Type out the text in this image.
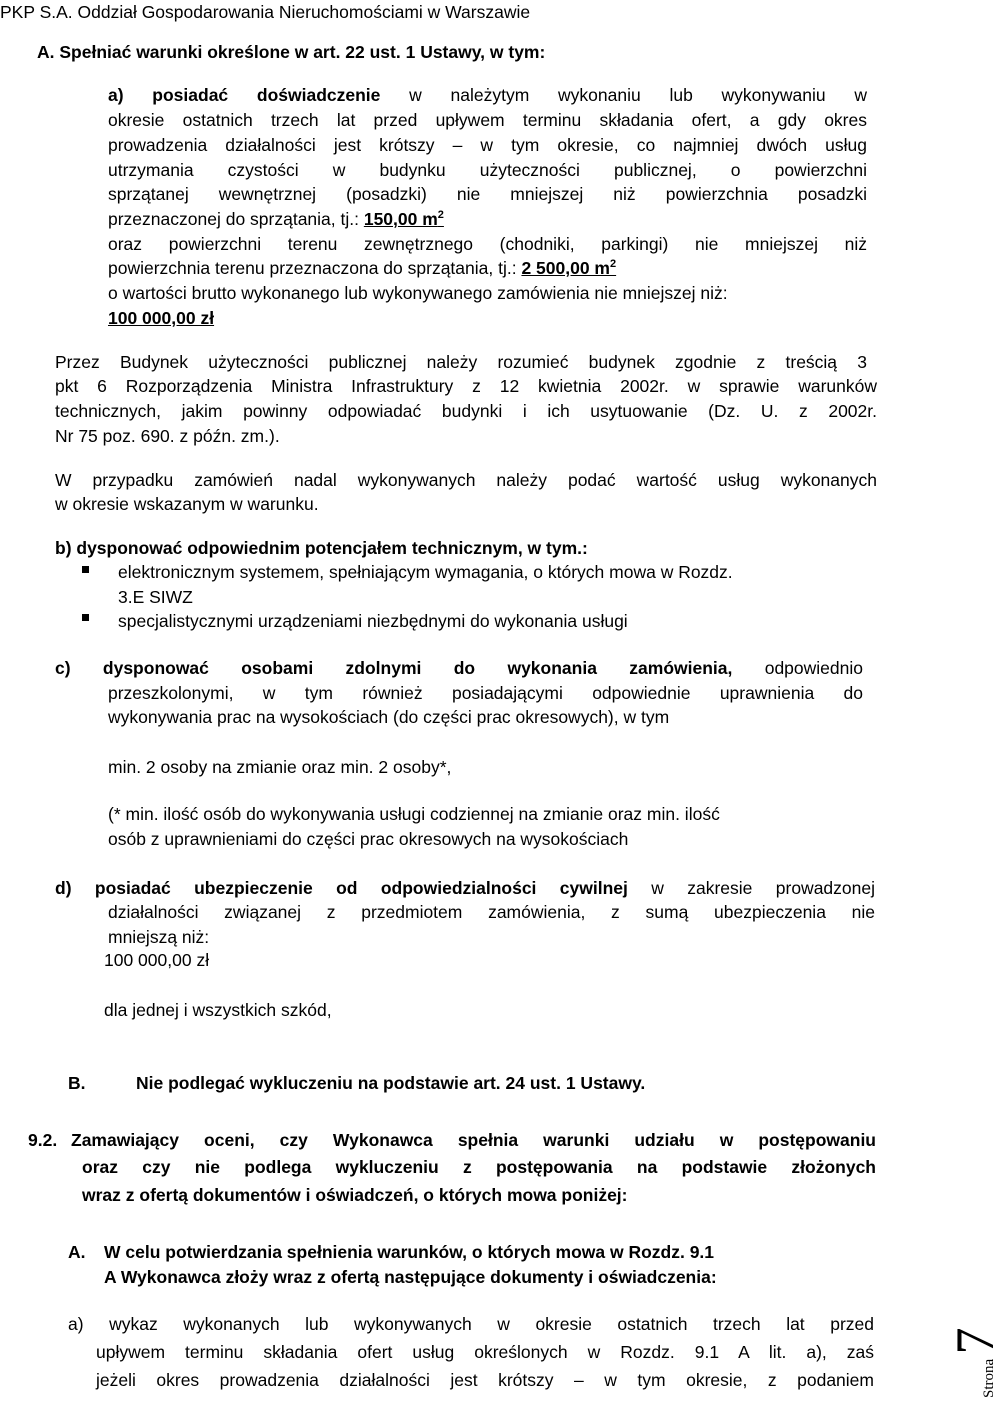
PKP S.A. Oddział Gospodarowania Nieruchomościami w Warszawie
A. Spełniać warunki określone w art. 22 ust. 1 Ustawy, w tym:
a) posiadać doświadczenie w należytym wykonaniu lub wykonywaniu w
okresie ostatnich trzech lat przed upływem terminu składania ofert, a gdy okres
prowadzenia działalności jest krótszy – w tym okresie, co najmniej dwóch usług
utrzymania czystości w budynku użyteczności publicznej, o powierzchni
sprzątanej wewnętrznej (posadzki) nie mniejszej niż powierzchnia posadzki
przeznaczonej do sprzątania, tj.: 150,00 $m^2$
oraz powierzchni terenu zewnętrznego (chodniki, parkingi) nie mniejszej niż
powierzchnia terenu przeznaczona do sprzątania, tj.: 2 500,00 $m^2$
o wartości brutto wykonanego lub wykonywanego zamówienia nie mniejszej niż:
100 000,00 zł
Przez Budynek użyteczności publicznej należy rozumieć budynek zgodnie z treścią 3
pkt 6 Rozporządzenia Ministra Infrastruktury z 12 kwietnia 2002r. w sprawie warunków
technicznych, jakim powinny odpowiadać budynki i ich usytuowanie (Dz. U. z 2002r.
Nr 75 poz. 690. z późn. zm.).
W przypadku zamówień nadal wykonywanych należy podać wartość usług wykonanych
w okresie wskazanym w warunku.
b) dysponować odpowiednim potencjałem technicznym, w tym.:
elektronicznym systemem, spełniającym wymagania, o których mowa w Rozdz.
3.E SIWZ
specjalistycznymi urządzeniami niezbędnymi do wykonania usługi
c) dysponować osobami zdolnymi do wykonania zamówienia, odpowiednio
przeszkolonymi, w tym również posiadającymi odpowiednie uprawnienia do
wykonywania prac na wysokościach (do części prac okresowych), w tym
min. 2 osoby na zmianie oraz min. 2 osoby*,
(* min. ilość osób do wykonywania usługi codziennej na zmianie oraz min. ilość
osób z uprawnieniami do części prac okresowych na wysokościach
d) posiadać ubezpieczenie od odpowiedzialności cywilnej w zakresie prowadzonej
działalności związanej z przedmiotem zamówienia, z sumą ubezpieczenia nie
mniejszą niż:
100 000,00 zł
dla jednej i wszystkich szkód,
B.	Nie podlegać wykluczeniu na podstawie art. 24 ust. 1 Ustawy.
9.2. Zamawiający oceni, czy Wykonawca spełnia warunki udziału w postępowaniu
oraz czy nie podlega wykluczeniu z postępowania na podstawie złożonych
wraz z ofertą dokumentów i oświadczeń, o których mowa poniżej:
A. W celu potwierdzania spełnienia warunków, o których mowa w Rozdz. 9.1
A Wykonawca złoży wraz z ofertą następujące dokumenty i oświadczenia:
a) wykaz wykonanych lub wykonywanych w okresie ostatnich trzech lat przed
upływem terminu składania ofert usług określonych w Rozdz. 9.1 A lit. a), zaś
jeżeli okres prowadzenia działalności jest krótszy – w tym okresie, z podaniem	Strona 7
